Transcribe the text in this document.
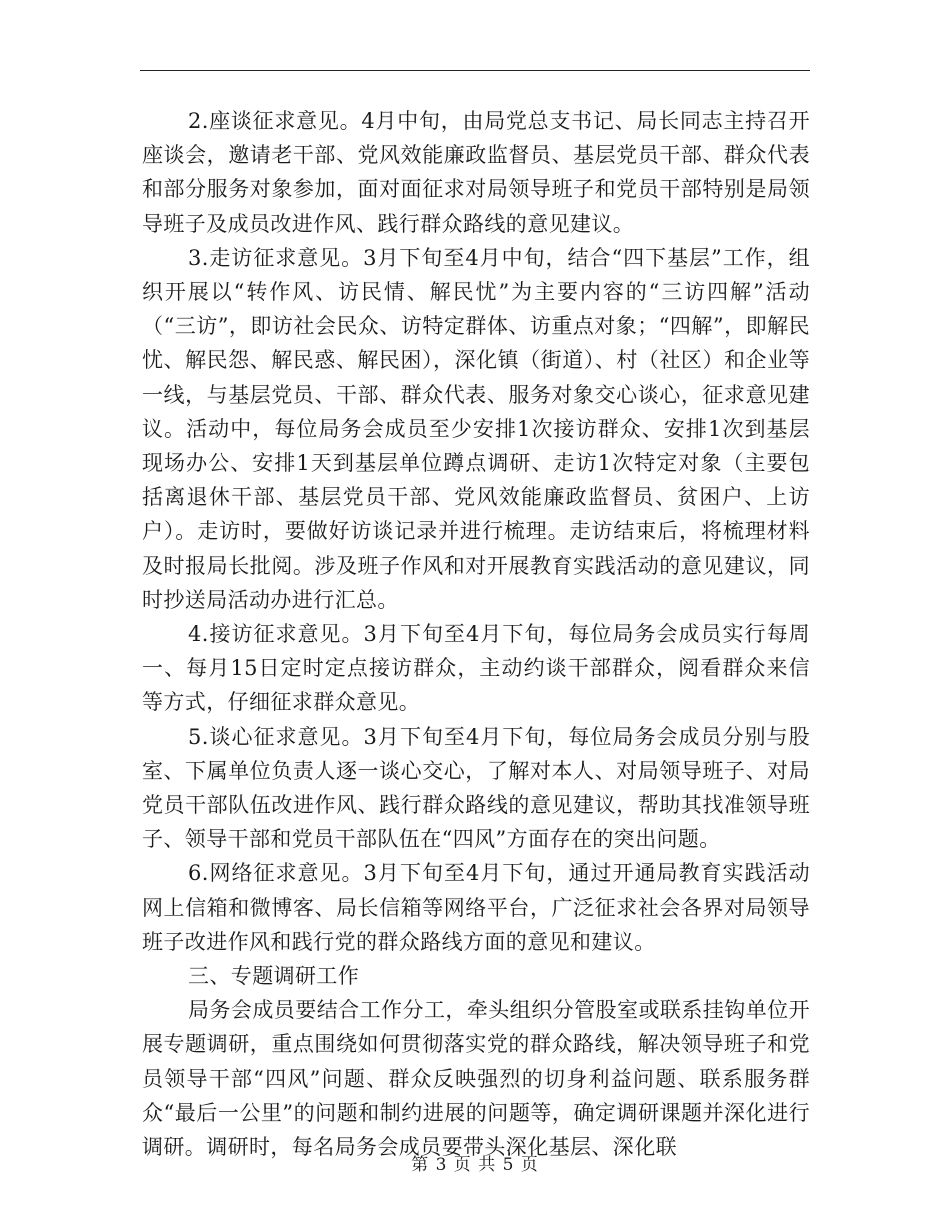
2.座谈征求意见。4月中旬，由局党总支书记、局长同志主持召开座谈会，邀请老干部、党风效能廉政监督员、基层党员干部、群众代表和部分服务对象参加，面对面征求对局领导班子和党员干部特别是局领导班子及成员改进作风、践行群众路线的意见建议。

3.走访征求意见。3月下旬至4月中旬，结合“四下基层”工作，组织开展以“转作风、访民情、解民忧”为主要内容的“三访四解”活动（“三访”，即访社会民众、访特定群体、访重点对象；“四解”，即解民忧、解民怨、解民惑、解民困），深化镇（街道）、村（社区）和企业等一线，与基层党员、干部、群众代表、服务对象交心谈心，征求意见建议。活动中，每位局务会成员至少安排1次接访群众、安排1次到基层现场办公、安排1天到基层单位蹲点调研、走访1次特定对象（主要包括离退休干部、基层党员干部、党风效能廉政监督员、贫困户、上访户）。走访时，要做好访谈记录并进行梳理。走访结束后，将梳理材料及时报局长批阅。涉及班子作风和对开展教育实践活动的意见建议，同时抄送局活动办进行汇总。

4.接访征求意见。3月下旬至4月下旬，每位局务会成员实行每周一、每月15日定时定点接访群众，主动约谈干部群众，阅看群众来信等方式，仔细征求群众意见。

5.谈心征求意见。3月下旬至4月下旬，每位局务会成员分别与股室、下属单位负责人逐一谈心交心，了解对本人、对局领导班子、对局党员干部队伍改进作风、践行群众路线的意见建议，帮助其找准领导班子、领导干部和党员干部队伍在“四风”方面存在的突出问题。

6.网络征求意见。3月下旬至4月下旬，通过开通局教育实践活动网上信箱和微博客、局长信箱等网络平台，广泛征求社会各界对局领导班子改进作风和践行党的群众路线方面的意见和建议。

三、专题调研工作

局务会成员要结合工作分工，牵头组织分管股室或联系挂钩单位开展专题调研，重点围绕如何贯彻落实党的群众路线，解决领导班子和党员领导干部“四风”问题、群众反映强烈的切身利益问题、联系服务群众“最后一公里”的问题和制约进展的问题等，确定调研课题并深化进行调研。调研时，每名局务会成员要带头深化基层、深化联

第 3 页 共 5 页
